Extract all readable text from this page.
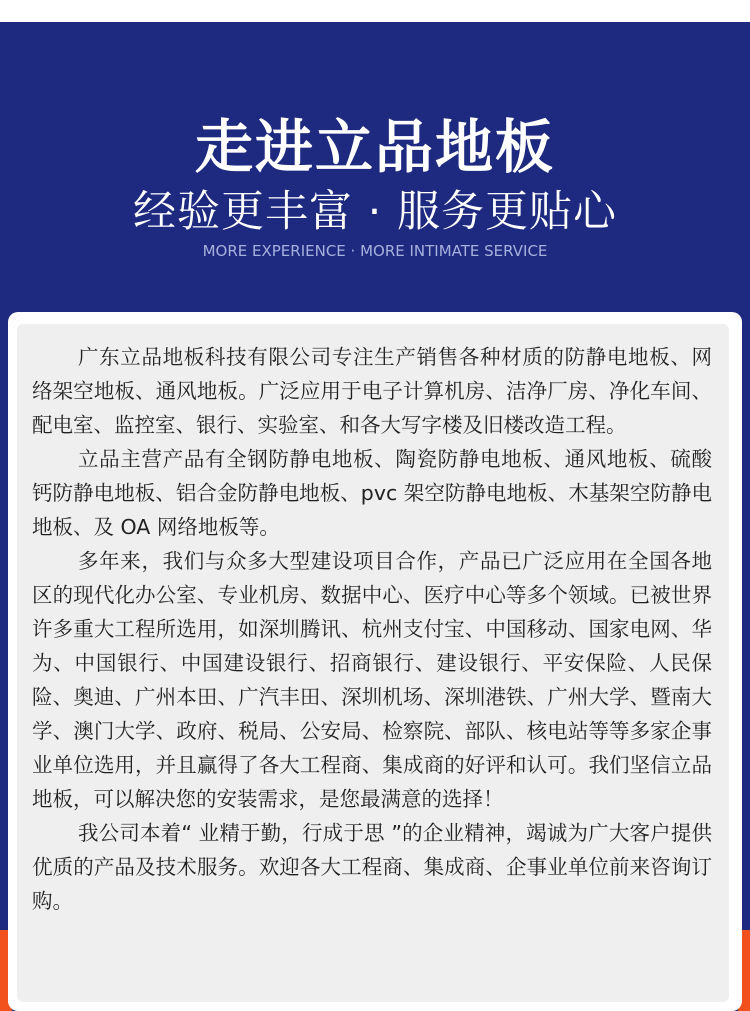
走进立品地板
经验更丰富 · 服务更贴心
MORE EXPERIENCE · MORE INTIMATE SERVICE

广东立品地板科技有限公司专注生产销售各种材质的防静电地板、网络架空地板、通风地板。广泛应用于电子计算机房、洁净厂房、净化车间、配电室、监控室、银行、实验室、和各大写字楼及旧楼改造工程。

立品主营产品有全钢防静电地板、陶瓷防静电地板、通风地板、硫酸钙防静电地板、铝合金防静电地板、pvc 架空防静电地板、木基架空防静电地板、及 OA 网络地板等。

多年来，我们与众多大型建设项目合作，产品已广泛应用在全国各地区的现代化办公室、专业机房、数据中心、医疗中心等多个领域。已被世界许多重大工程所选用，如深圳腾讯、杭州支付宝、中国移动、国家电网、华为、中国银行、中国建设银行、招商银行、建设银行、平安保险、人民保险、奥迪、广州本田、广汽丰田、深圳机场、深圳港铁、广州大学、暨南大学、澳门大学、政府、税局、公安局、检察院、部队、核电站等等多家企事业单位选用，并且赢得了各大工程商、集成商的好评和认可。我们坚信立品地板，可以解决您的安装需求，是您最满意的选择！

我公司本着“ 业精于勤，行成于思 ”的企业精神，竭诚为广大客户提供优质的产品及技术服务。欢迎各大工程商、集成商、企事业单位前来咨询订购。
